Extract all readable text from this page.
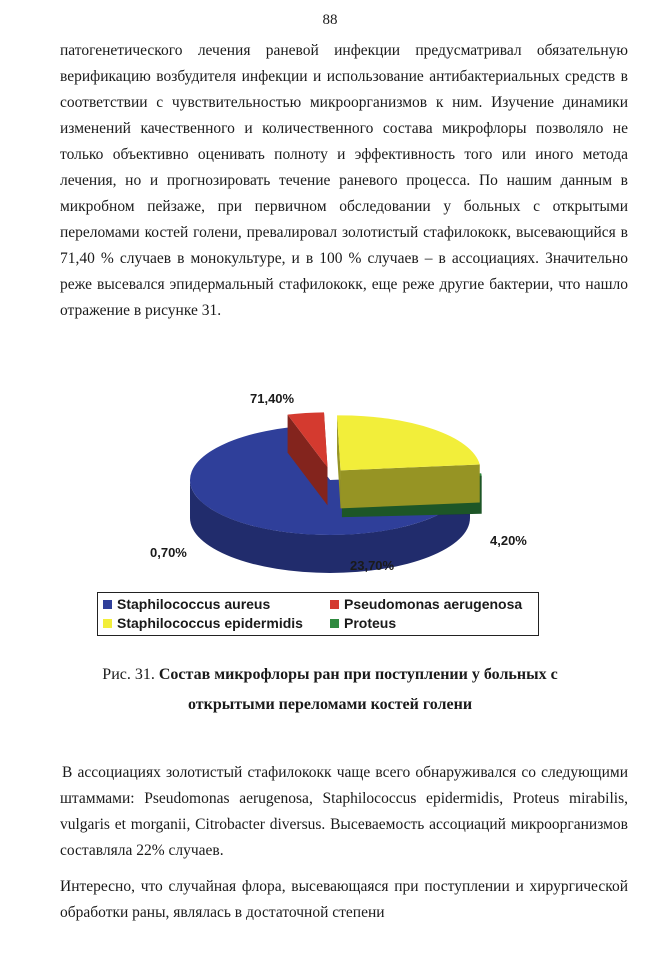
88

патогенетического лечения раневой инфекции предусматривал обязательную верификацию возбудителя инфекции и использование антибактериальных средств в соответствии с чувствительностью микроорганизмов к ним. Изучение динамики изменений качественного и количественного состава микрофлоры позволяло не только объективно оценивать полноту и эффективность того или иного метода лечения, но и прогнозировать течение раневого процесса. По нашим данным в микробном пейзаже, при первичном обследовании у больных с открытыми переломами костей голени, превалировал золотистый стафилококк, высевающийся в 71,40 % случаев в монокультуре, и в 100 % случаев – в ассоциациях. Значительно реже высевался эпидермальный стафилококк, еще реже другие бактерии, что нашло отражение в рисунке 31.

71,40%
4,20%
23,70%
0,70%
Staphilococcus aureus	Pseudomonas aerugenosa
Staphilococcus epidermidis	Proteus
Рис. 31. Состав микрофлоры ран при поступлении у больных с
открытыми переломами костей голени

В ассоциациях золотистый стафилококк чаще всего обнаруживался со следующими штаммами: Pseudomonas aerugenosa, Staphilococcus epidermidis, Proteus mirabilis, vulgaris et morganii, Citrobacter diversus. Высеваемость ассоциаций микроорганизмов составляла 22% случаев.

Интересно, что случайная флора, высевающаяся при поступлении и хирургической обработки раны, являлась в достаточной степени
